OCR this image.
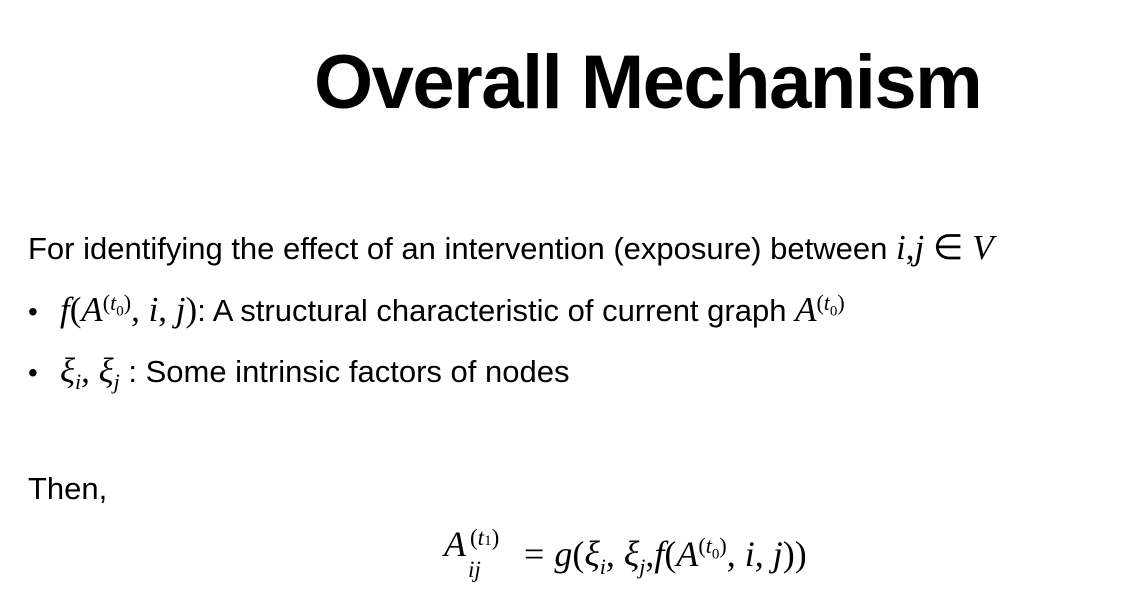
Overall Mechanism
For identifying the effect of an intervention (exposure) between i,j ∈ V
• $f(A^{(t_0)}$, i, j): A structural characteristic of current graph $A^{(t_0)}$
• $\xi_i$, $\xi_j$ : Some intrinsic factors of nodes
Then,
A (t1)
ij = $g(\xi_i$, $\xi_j,f(A^{(t_0)}$, i, j))
